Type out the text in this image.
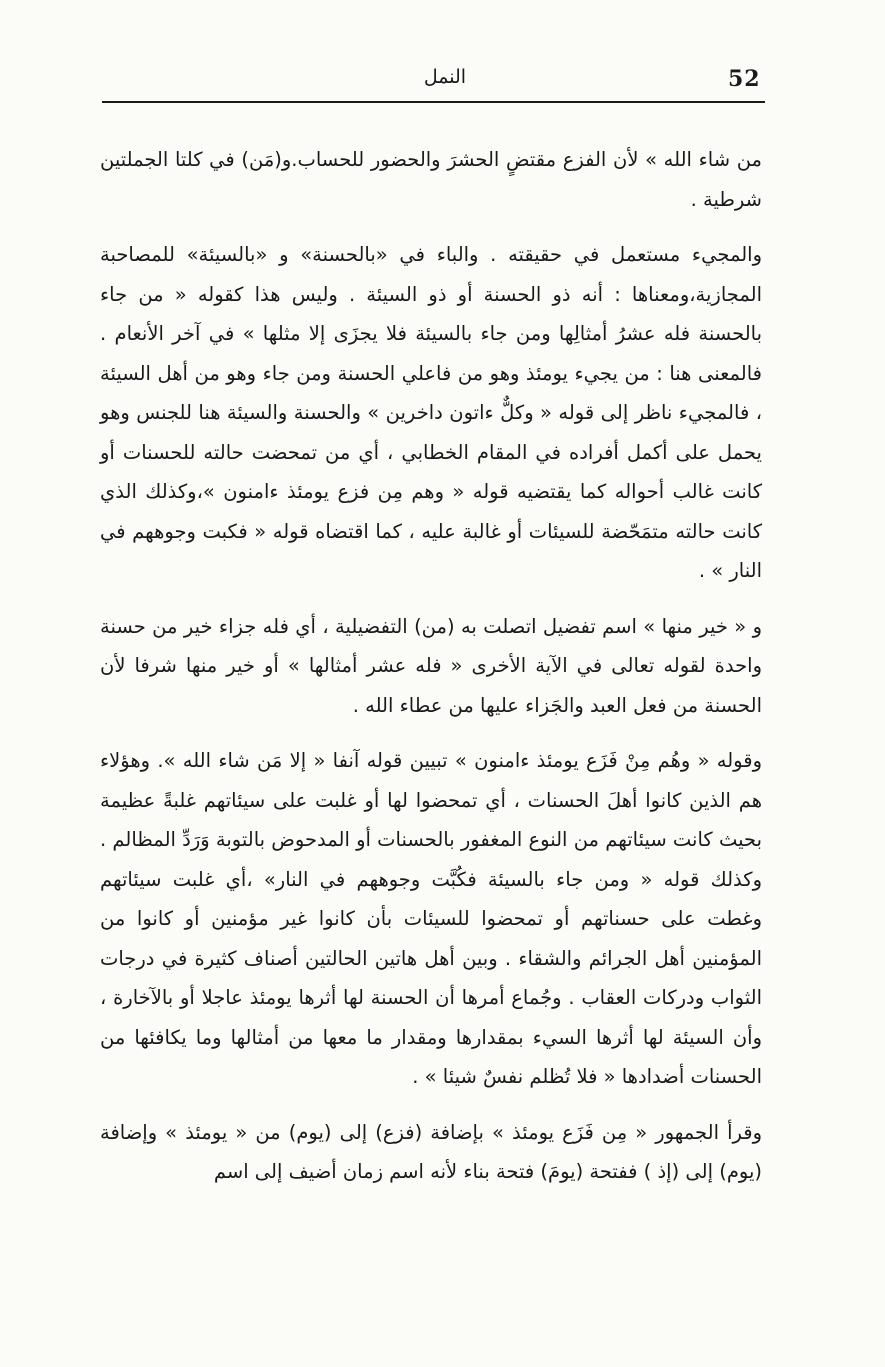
52
النمل

من شاء الله » لأن الفزع مقتضٍ الحشرَ والحضور للحساب.و(مَن) في كلتا الجملتين شرطية .

والمجيء مستعمل في حقيقته . والباء في «بالحسنة» و «بالسيئة» للمصاحبة المجازية،ومعناها : أنه ذو الحسنة أو ذو السيئة . وليس هذا كقوله « من جاء بالحسنة فله عشرُ أمثالِها ومن جاء بالسيئة فلا يجزَى إلا مثلها » في آخر الأنعام . فالمعنى هنا : من يجيء يومئذ وهو من فاعلي الحسنة ومن جاء وهو من أهل السيئة ، فالمجيء ناظر إلى قوله « وكلٌّ ءاتون داخرين » والحسنة والسيئة هنا للجنس وهو يحمل على أكمل أفراده في المقام الخطابي ، أي من تمحضت حالته للحسنات أو كانت غالب أحواله كما يقتضيه قوله « وهم مِن فزع يومئذ ءامنون »،وكذلك الذي كانت حالته متمَحّضة للسيئات أو غالبة عليه ، كما اقتضاه قوله « فكبت وجوههم في النار » .

و « خير منها » اسم تفضيل اتصلت به (من) التفضيلية ، أي فله جزاء خير من حسنة واحدة لقوله تعالى في الآية الأخرى « فله عشر أمثالها » أو خير منها شرفا لأن الحسنة من فعل العبد والجَزاء عليها من عطاء الله .

وقوله « وهُم مِنْ فَزَع يومئذ ءامنون » تبيين قوله آنفا « إلا مَن شاء الله ». وهؤلاء هم الذين كانوا أهلَ الحسنات ، أي تمحضوا لها أو غلبت على سيئاتهم غلبةً عظيمة بحيث كانت سيئاتهم من النوع المغفور بالحسنات أو المدحوض بالتوبة وَرَدِّ المظالم . وكذلك قوله « ومن جاء بالسيئة فكُبَّت وجوههم في النار» ،أي غلبت سيئاتهم وغطت على حسناتهم أو تمحضوا للسيئات بأن كانوا غير مؤمنين أو كانوا من المؤمنين أهل الجرائم والشقاء . وبين أهل هاتين الحالتين أصناف كثيرة في درجات الثواب ودركات العقاب . وجُماع أمرها أن الحسنة لها أثرها يومئذ عاجلا أو بالآخارة ، وأن السيئة لها أثرها السيء بمقدارها ومقدار ما معها من أمثالها وما يكافئها من الحسنات أضدادها « فلا تُظلم نفسٌ شيئا » .

وقرأ الجمهور « مِن فَزَع يومئذ » بإضافة (فزع) إلى (يوم) من « يومئذ » وإضافة (يوم) إلى (إذ ) ففتحة (يومَ) فتحة بناء لأنه اسم زمان أضيف إلى اسم
